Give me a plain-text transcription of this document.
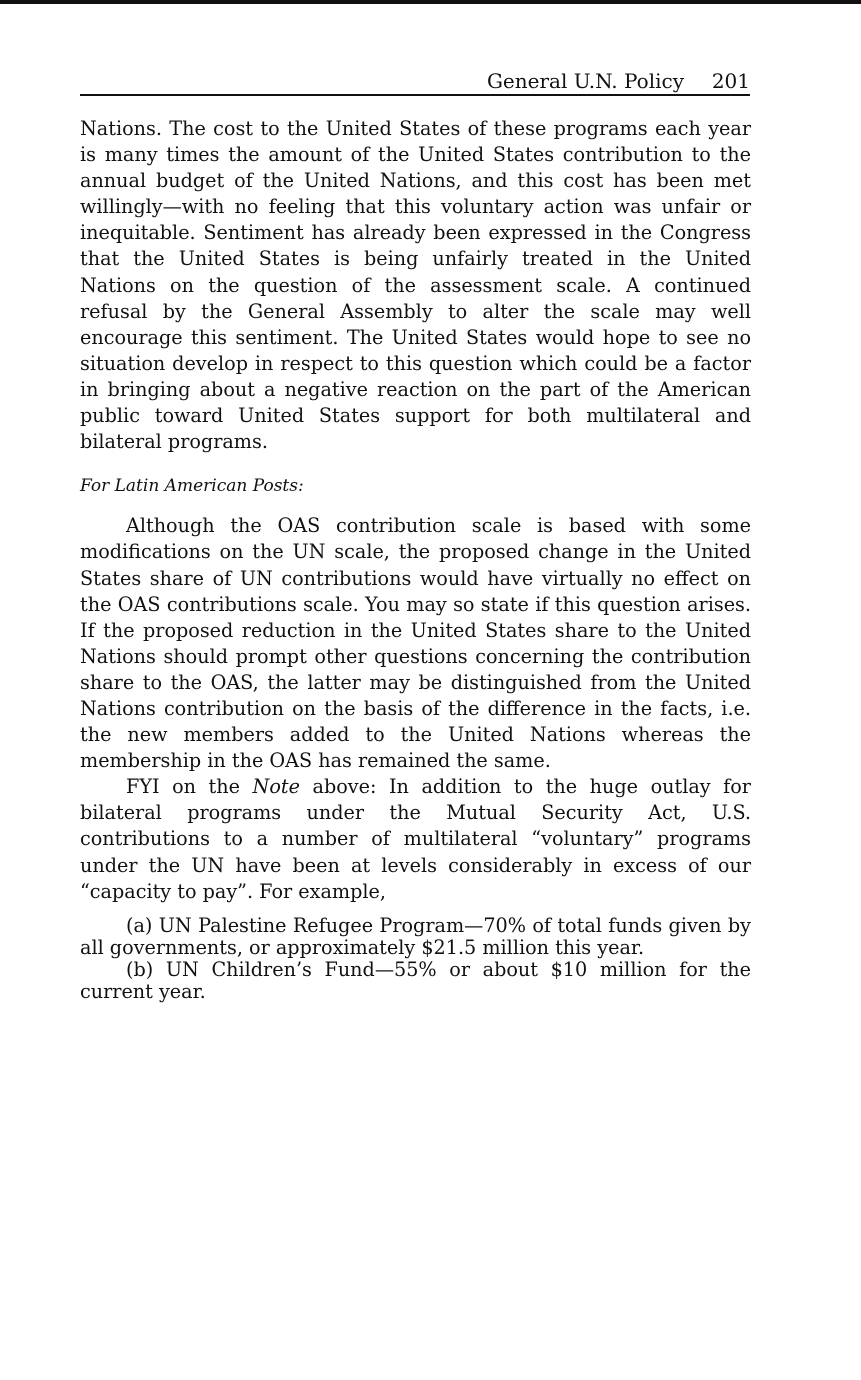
General U.N. Policy 201

Nations. The cost to the United States of these programs each year is many times the amount of the United States contribution to the annual budget of the United Nations, and this cost has been met willingly—with no feeling that this voluntary action was unfair or inequitable. Sentiment has already been expressed in the Congress that the United States is being unfairly treated in the United Nations on the question of the assessment scale. A continued refusal by the General Assembly to alter the scale may well encourage this sentiment. The United States would hope to see no situation develop in respect to this question which could be a factor in bringing about a negative reaction on the part of the American public toward United States support for both multilateral and bilateral programs.

For Latin American Posts:

Although the OAS contribution scale is based with some modifications on the UN scale, the proposed change in the United States share of UN contributions would have virtually no effect on the OAS contributions scale. You may so state if this question arises. If the proposed reduction in the United States share to the United Nations should prompt other questions concerning the contribution share to the OAS, the latter may be distinguished from the United Nations contribution on the basis of the difference in the facts, i.e. the new members added to the United Nations whereas the membership in the OAS has remained the same.

FYI on the Note above: In addition to the huge outlay for bilateral programs under the Mutual Security Act, U.S. contributions to a number of multilateral “voluntary” programs under the UN have been at levels considerably in excess of our “capacity to pay”. For example,

(a) UN Palestine Refugee Program—70% of total funds given by all governments, or approximately $21.5 million this year.

(b) UN Children’s Fund—55% or about $10 million for the current year.
